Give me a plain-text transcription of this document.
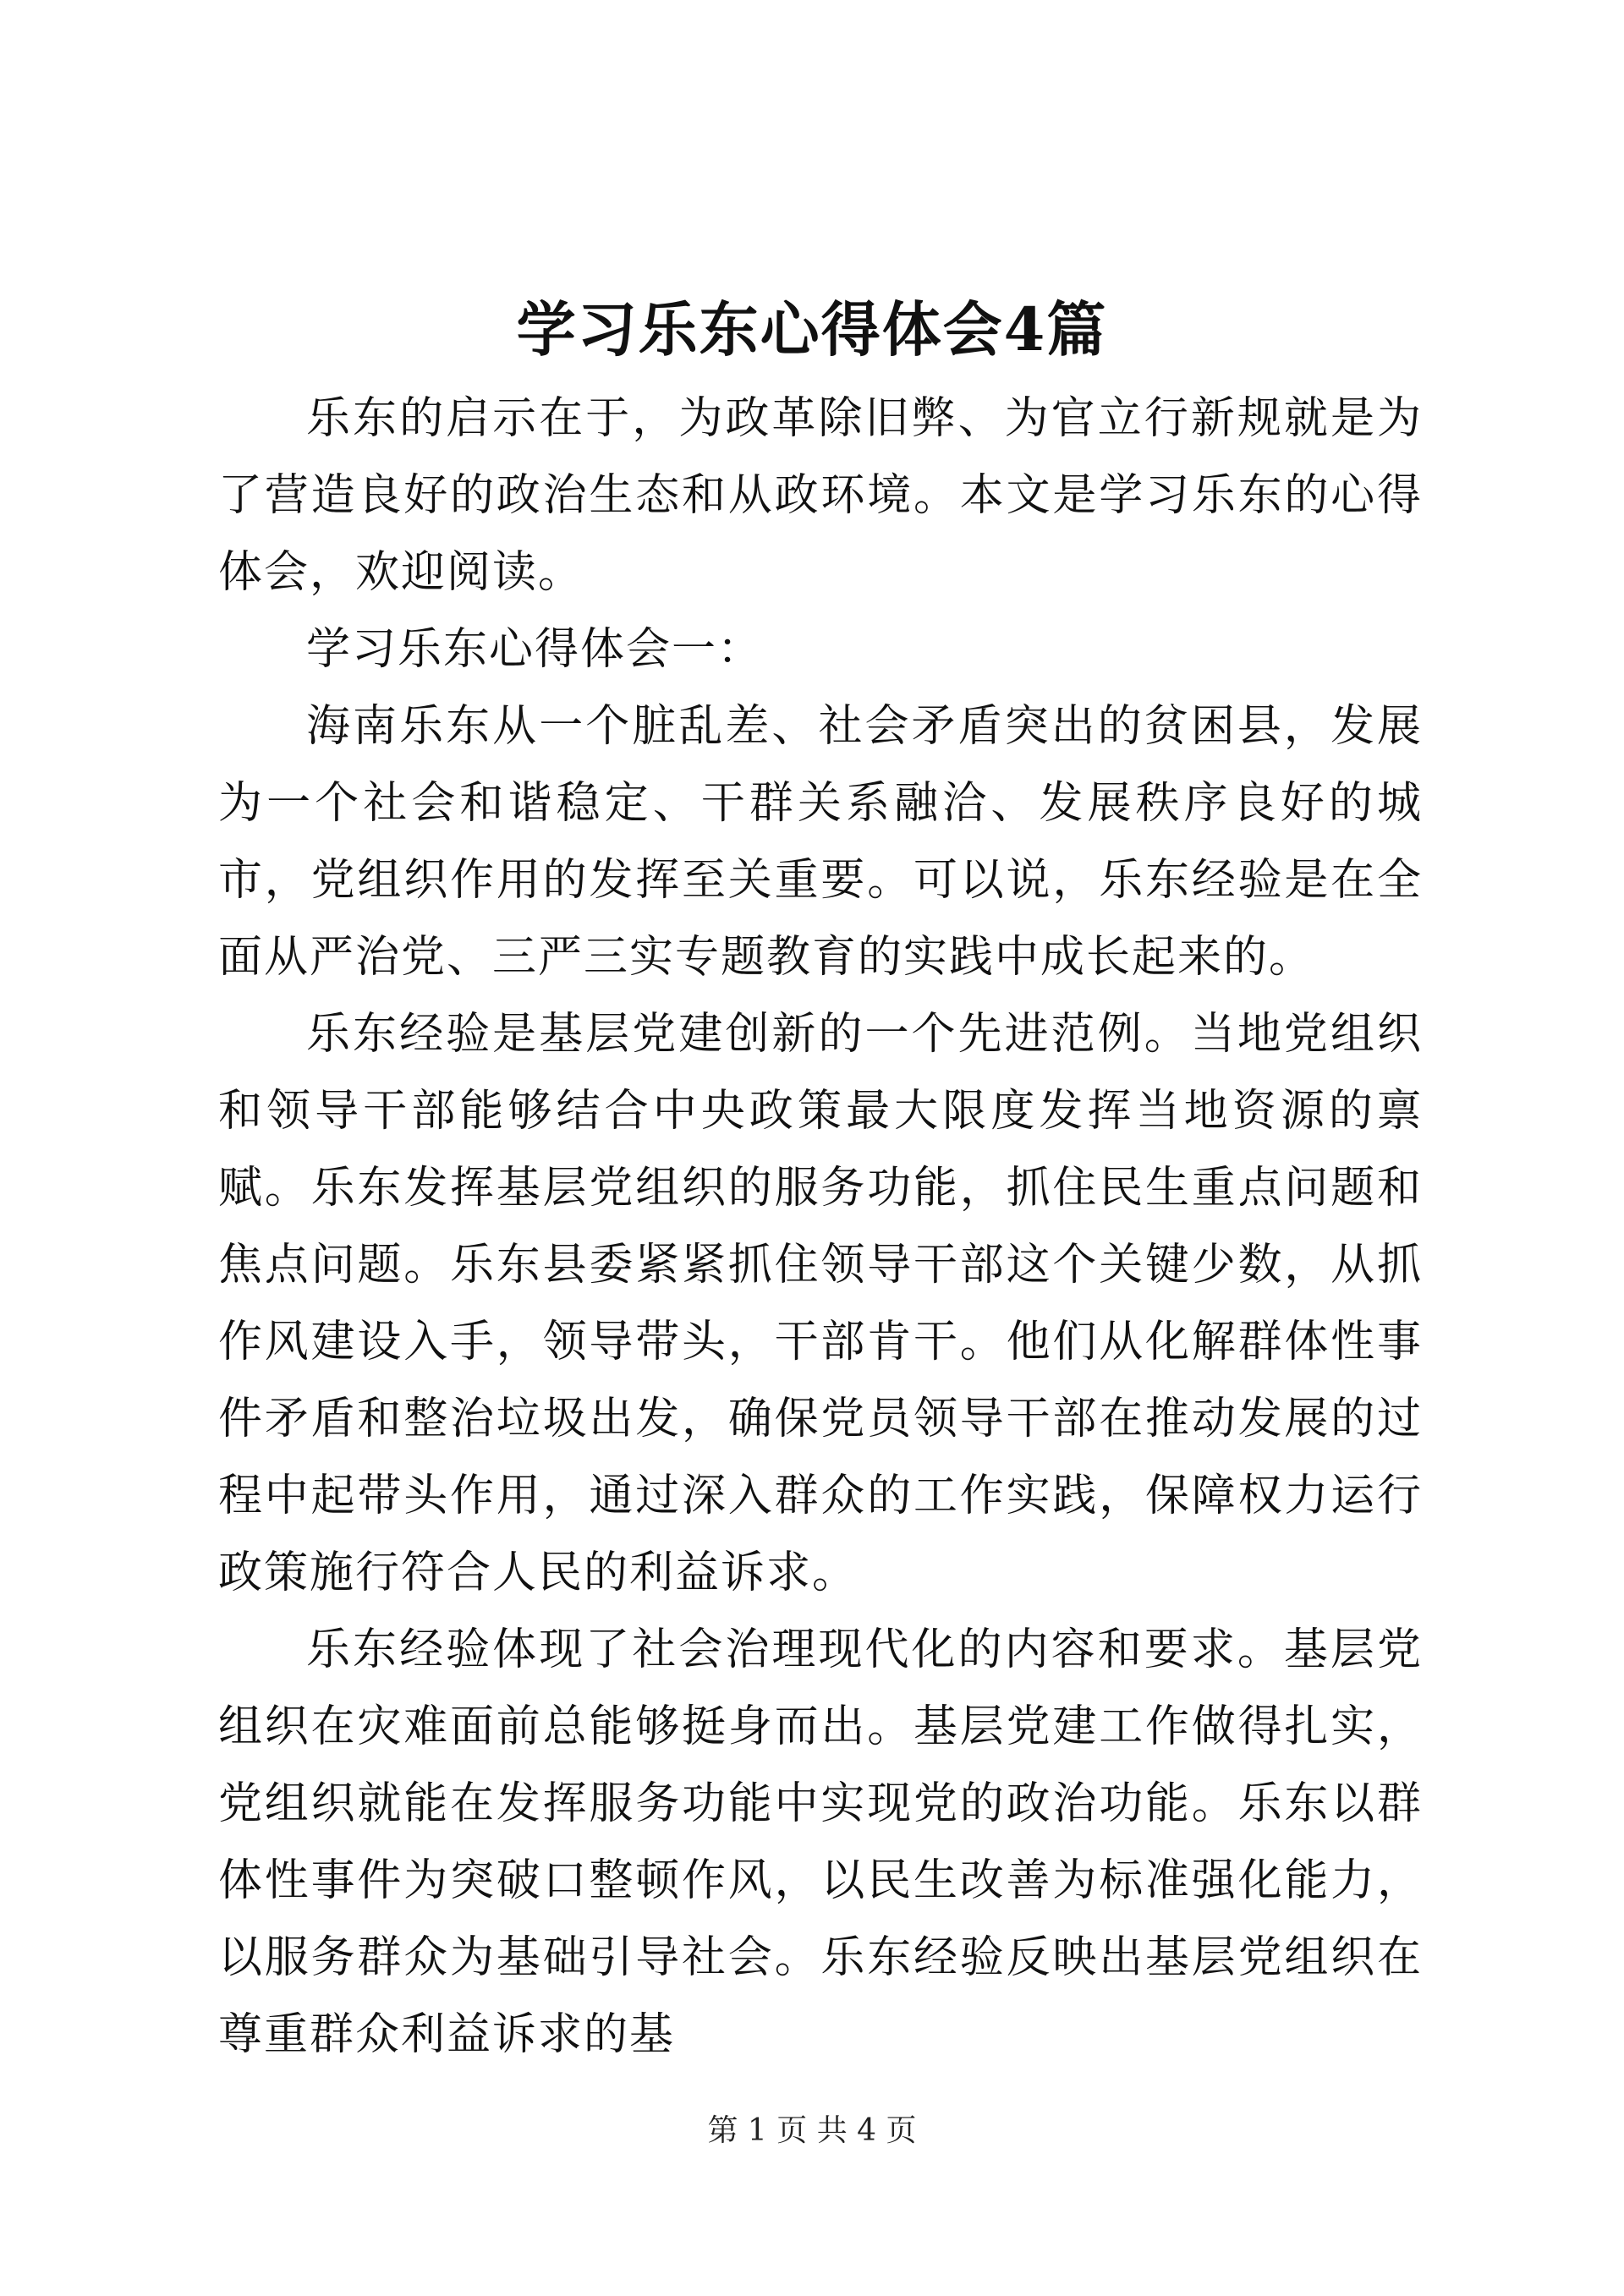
学习乐东心得体会4篇

乐东的启示在于，为政革除旧弊、为官立行新规就是为了营造良好的政治生态和从政环境。本文是学习乐东的心得体会，欢迎阅读。

学习乐东心得体会一：

海南乐东从一个脏乱差、社会矛盾突出的贫困县，发展为一个社会和谐稳定、干群关系融洽、发展秩序良好的城市，党组织作用的发挥至关重要。可以说，乐东经验是在全面从严治党、三严三实专题教育的实践中成长起来的。

乐东经验是基层党建创新的一个先进范例。当地党组织和领导干部能够结合中央政策最大限度发挥当地资源的禀赋。乐东发挥基层党组织的服务功能，抓住民生重点问题和焦点问题。乐东县委紧紧抓住领导干部这个关键少数，从抓作风建设入手，领导带头，干部肯干。他们从化解群体性事件矛盾和整治垃圾出发，确保党员领导干部在推动发展的过程中起带头作用，通过深入群众的工作实践，保障权力运行政策施行符合人民的利益诉求。

乐东经验体现了社会治理现代化的内容和要求。基层党组织在灾难面前总能够挺身而出。基层党建工作做得扎实，党组织就能在发挥服务功能中实现党的政治功能。乐东以群体性事件为突破口整顿作风，以民生改善为标准强化能力，以服务群众为基础引导社会。乐东经验反映出基层党组织在尊重群众利益诉求的基

第 1 页 共 4 页
